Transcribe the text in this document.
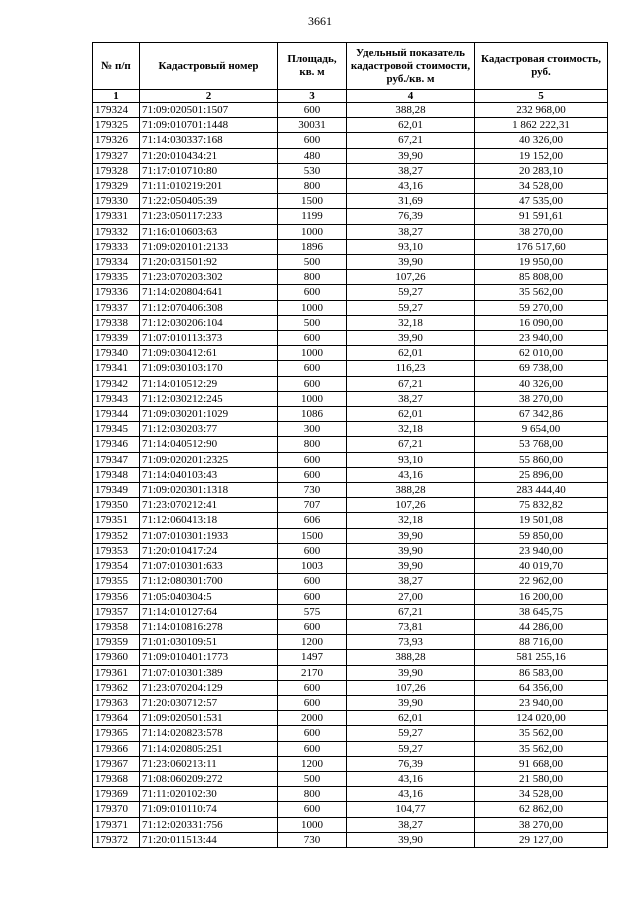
3661
№ п/п	Кадастровый номер	Площадь, кв. м	Удельный показатель кадастровой стоимости, руб./кв. м	Кадастровая стоимость, руб.
1	2	3	4	5
179324	71:09:020501:1507	600	388,28	232 968,00
179325	71:09:010701:1448	30031	62,01	1 862 222,31
179326	71:14:030337:168	600	67,21	40 326,00
179327	71:20:010434:21	480	39,90	19 152,00
179328	71:17:010710:80	530	38,27	20 283,10
179329	71:11:010219:201	800	43,16	34 528,00
179330	71:22:050405:39	1500	31,69	47 535,00
179331	71:23:050117:233	1199	76,39	91 591,61
179332	71:16:010603:63	1000	38,27	38 270,00
179333	71:09:020101:2133	1896	93,10	176 517,60
179334	71:20:031501:92	500	39,90	19 950,00
179335	71:23:070203:302	800	107,26	85 808,00
179336	71:14:020804:641	600	59,27	35 562,00
179337	71:12:070406:308	1000	59,27	59 270,00
179338	71:12:030206:104	500	32,18	16 090,00
179339	71:07:010113:373	600	39,90	23 940,00
179340	71:09:030412:61	1000	62,01	62 010,00
179341	71:09:030103:170	600	116,23	69 738,00
179342	71:14:010512:29	600	67,21	40 326,00
179343	71:12:030212:245	1000	38,27	38 270,00
179344	71:09:030201:1029	1086	62,01	67 342,86
179345	71:12:030203:77	300	32,18	9 654,00
179346	71:14:040512:90	800	67,21	53 768,00
179347	71:09:020201:2325	600	93,10	55 860,00
179348	71:14:040103:43	600	43,16	25 896,00
179349	71:09:020301:1318	730	388,28	283 444,40
179350	71:23:070212:41	707	107,26	75 832,82
179351	71:12:060413:18	606	32,18	19 501,08
179352	71:07:010301:1933	1500	39,90	59 850,00
179353	71:20:010417:24	600	39,90	23 940,00
179354	71:07:010301:633	1003	39,90	40 019,70
179355	71:12:080301:700	600	38,27	22 962,00
179356	71:05:040304:5	600	27,00	16 200,00
179357	71:14:010127:64	575	67,21	38 645,75
179358	71:14:010816:278	600	73,81	44 286,00
179359	71:01:030109:51	1200	73,93	88 716,00
179360	71:09:010401:1773	1497	388,28	581 255,16
179361	71:07:010301:389	2170	39,90	86 583,00
179362	71:23:070204:129	600	107,26	64 356,00
179363	71:20:030712:57	600	39,90	23 940,00
179364	71:09:020501:531	2000	62,01	124 020,00
179365	71:14:020823:578	600	59,27	35 562,00
179366	71:14:020805:251	600	59,27	35 562,00
179367	71:23:060213:11	1200	76,39	91 668,00
179368	71:08:060209:272	500	43,16	21 580,00
179369	71:11:020102:30	800	43,16	34 528,00
179370	71:09:010110:74	600	104,77	62 862,00
179371	71:12:020331:756	1000	38,27	38 270,00
179372	71:20:011513:44	730	39,90	29 127,00
